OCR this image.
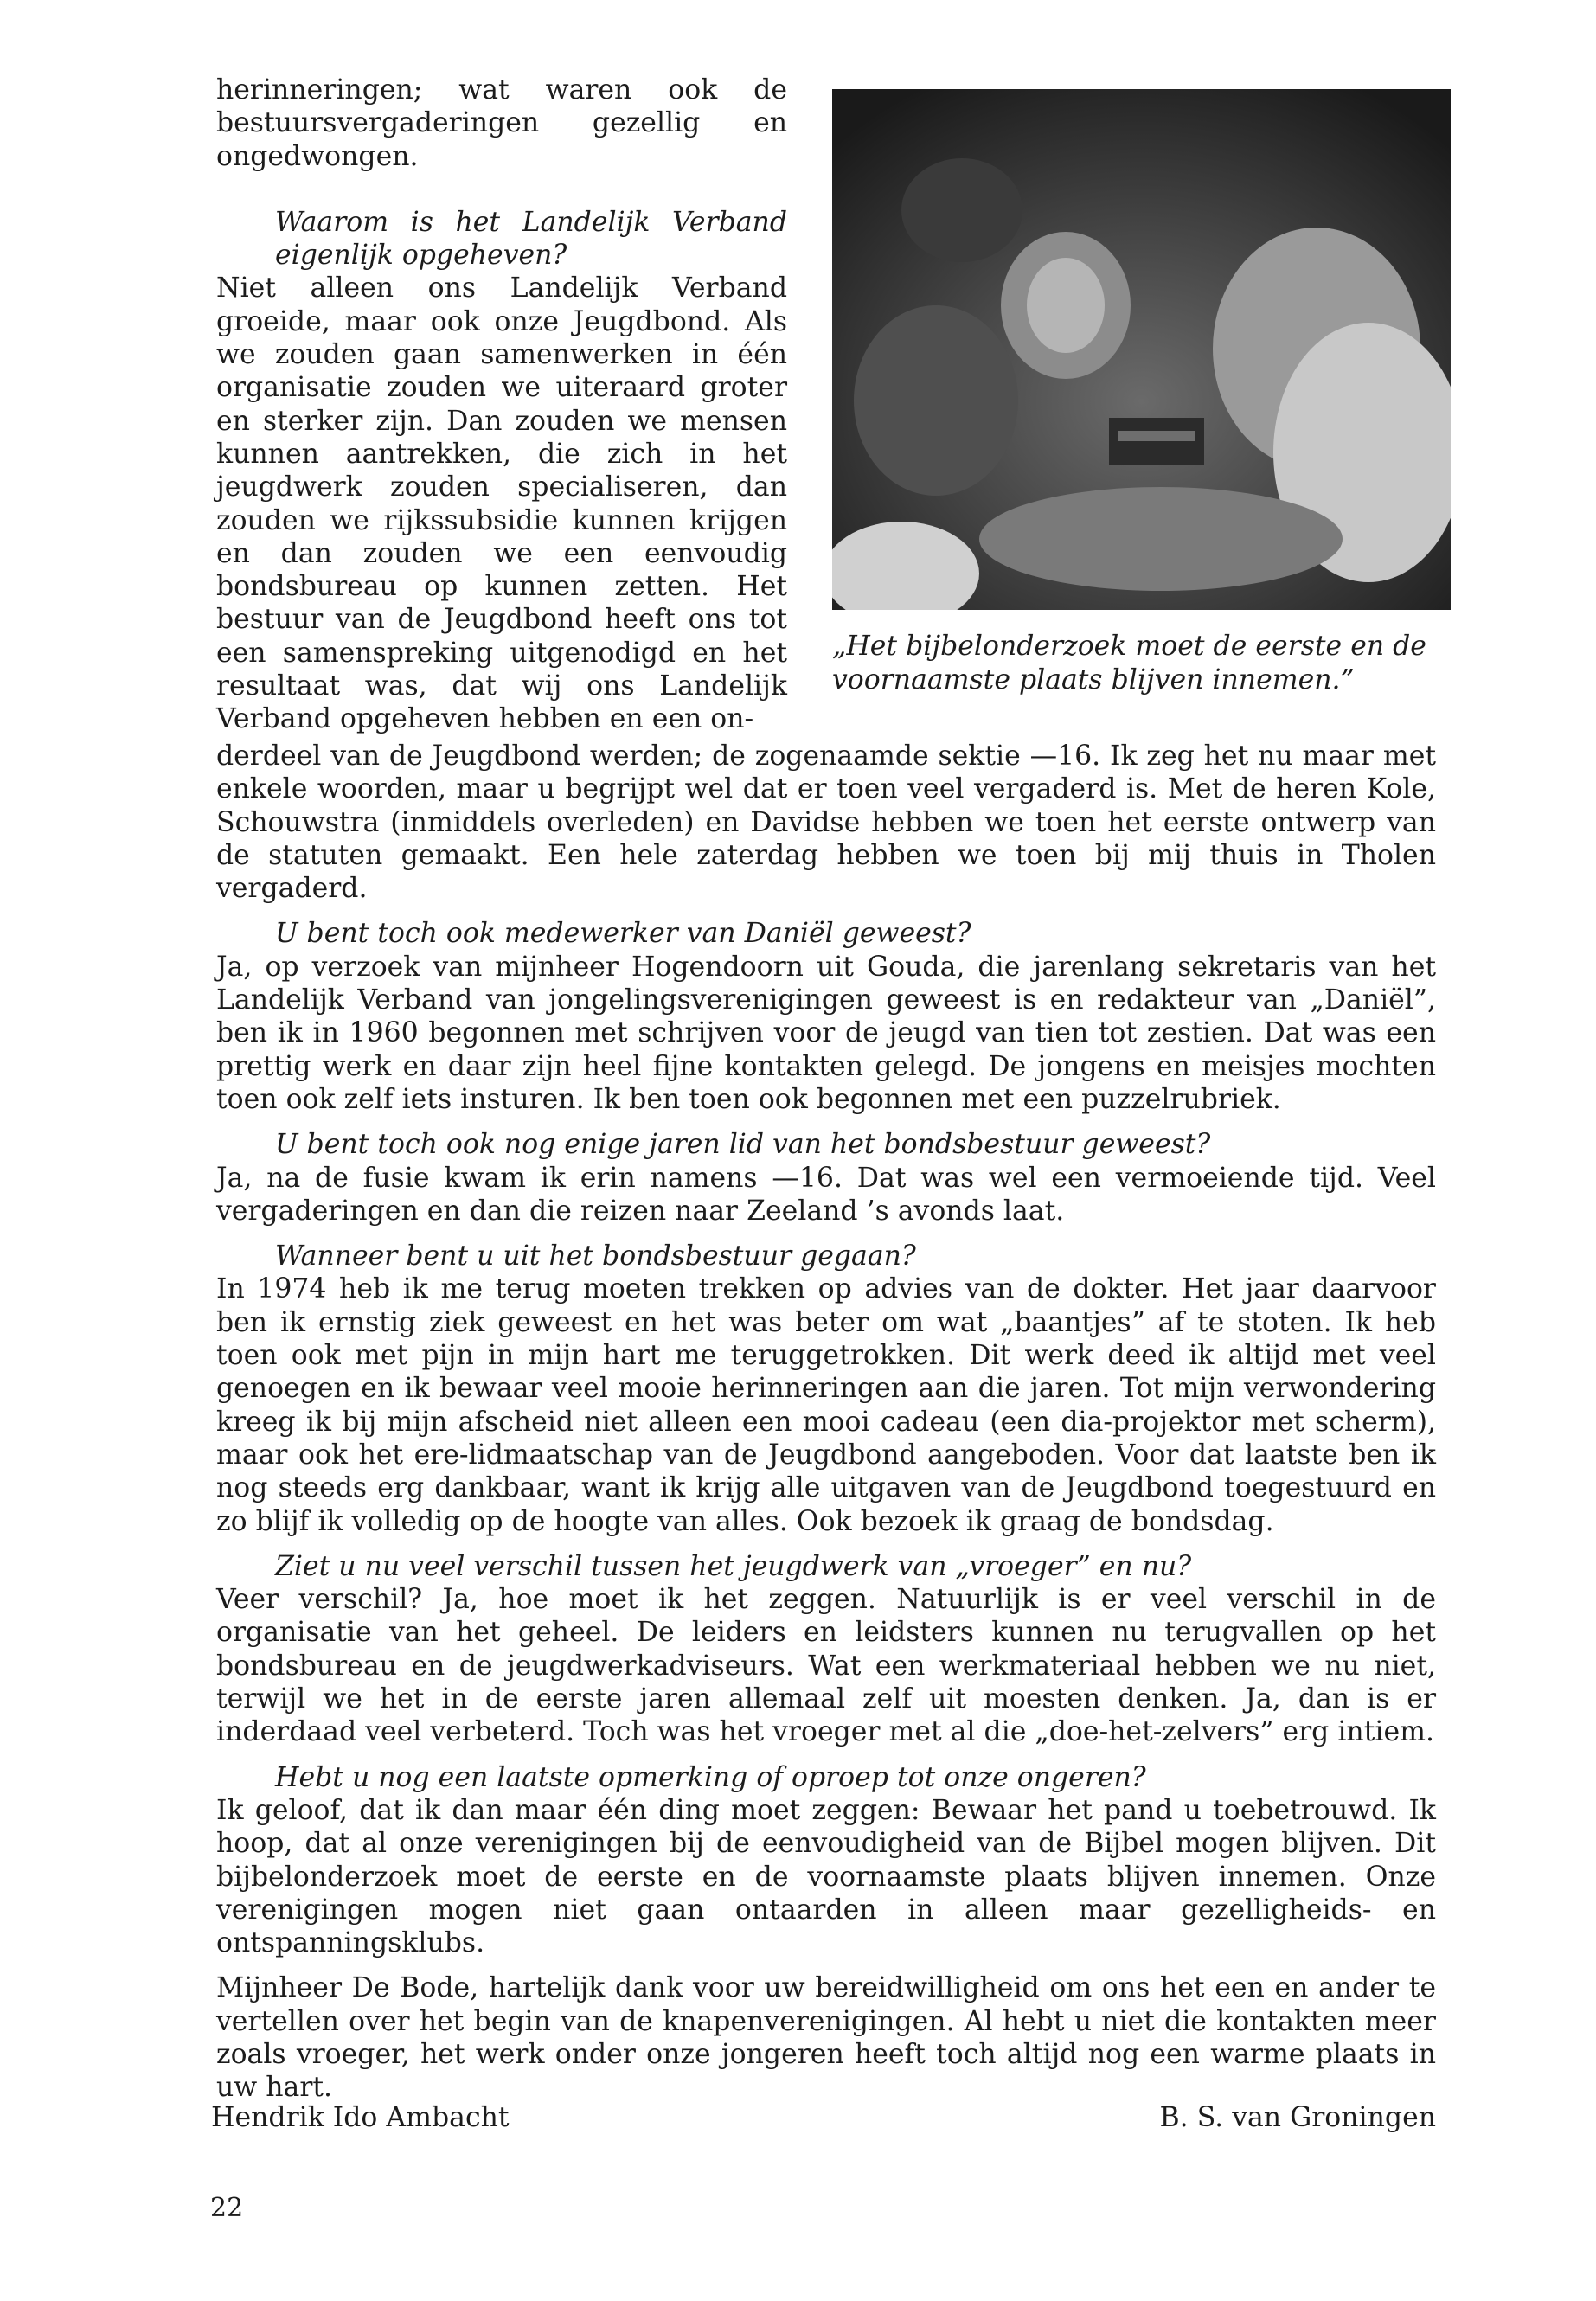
herinneringen; wat waren ook de bestuursvergaderingen gezellig en ongedwongen.

Waarom is het Landelijk Verband eigenlijk opgeheven?

Niet alleen ons Landelijk Verband groeide, maar ook onze Jeugdbond. Als we zouden gaan samenwerken in één organisatie zouden we uiteraard groter en sterker zijn. Dan zouden we mensen kunnen aantrekken, die zich in het jeugdwerk zouden specialiseren, dan zouden we rijkssubsidie kunnen krijgen en dan zouden we een eenvoudig bondsbureau op kunnen zetten. Het bestuur van de Jeugdbond heeft ons tot een samenspreking uitgenodigd en het resultaat was, dat wij ons Landelijk Verband opgeheven hebben en een on-

„Het bijbelonderzoek moet de eerste en de voornaamste plaats blijven innemen.”

derdeel van de Jeugdbond werden; de zogenaamde sektie —16. Ik zeg het nu maar met enkele woorden, maar u begrijpt wel dat er toen veel vergaderd is. Met de heren Kole, Schouwstra (inmiddels overleden) en Davidse hebben we toen het eerste ontwerp van de statuten gemaakt. Een hele zaterdag hebben we toen bij mij thuis in Tholen vergaderd.

U bent toch ook medewerker van Daniël geweest?

Ja, op verzoek van mijnheer Hogendoorn uit Gouda, die jarenlang sekretaris van het Landelijk Verband van jongelingsverenigingen geweest is en redakteur van „Daniël”, ben ik in 1960 begonnen met schrijven voor de jeugd van tien tot zestien. Dat was een prettig werk en daar zijn heel fijne kontakten gelegd. De jongens en meisjes mochten toen ook zelf iets insturen. Ik ben toen ook begonnen met een puzzelrubriek.

U bent toch ook nog enige jaren lid van het bondsbestuur geweest?

Ja, na de fusie kwam ik erin namens —16. Dat was wel een vermoeiende tijd. Veel vergaderingen en dan die reizen naar Zeeland ’s avonds laat.

Wanneer bent u uit het bondsbestuur gegaan?

In 1974 heb ik me terug moeten trekken op advies van de dokter. Het jaar daarvoor ben ik ernstig ziek geweest en het was beter om wat „baantjes” af te stoten. Ik heb toen ook met pijn in mijn hart me teruggetrokken. Dit werk deed ik altijd met veel genoegen en ik bewaar veel mooie herinneringen aan die jaren. Tot mijn verwondering kreeg ik bij mijn afscheid niet alleen een mooi cadeau (een dia-projektor met scherm), maar ook het ere-lidmaatschap van de Jeugdbond aangeboden. Voor dat laatste ben ik nog steeds erg dankbaar, want ik krijg alle uitgaven van de Jeugdbond toegestuurd en zo blijf ik volledig op de hoogte van alles. Ook bezoek ik graag de bondsdag.

Ziet u nu veel verschil tussen het jeugdwerk van „vroeger” en nu?

Veer verschil? Ja, hoe moet ik het zeggen. Natuurlijk is er veel verschil in de organisatie van het geheel. De leiders en leidsters kunnen nu terugvallen op het bondsbureau en de jeugdwerkadviseurs. Wat een werkmateriaal hebben we nu niet, terwijl we het in de eerste jaren allemaal zelf uit moesten denken. Ja, dan is er inderdaad veel verbeterd. Toch was het vroeger met al die „doe-het-zelvers” erg intiem.

Hebt u nog een laatste opmerking of oproep tot onze ongeren?

Ik geloof, dat ik dan maar één ding moet zeggen: Bewaar het pand u toebetrouwd. Ik hoop, dat al onze verenigingen bij de eenvoudigheid van de Bijbel mogen blijven. Dit bijbelonderzoek moet de eerste en de voornaamste plaats blijven innemen. Onze verenigingen mogen niet gaan ontaarden in alleen maar gezelligheids- en ontspanningsklubs.

Mijnheer De Bode, hartelijk dank voor uw bereidwilligheid om ons het een en ander te vertellen over het begin van de knapenverenigingen. Al hebt u niet die kontakten meer zoals vroeger, het werk onder onze jongeren heeft toch altijd nog een warme plaats in uw hart.

Hendrik Ido Ambacht	B. S. van Groningen
22
